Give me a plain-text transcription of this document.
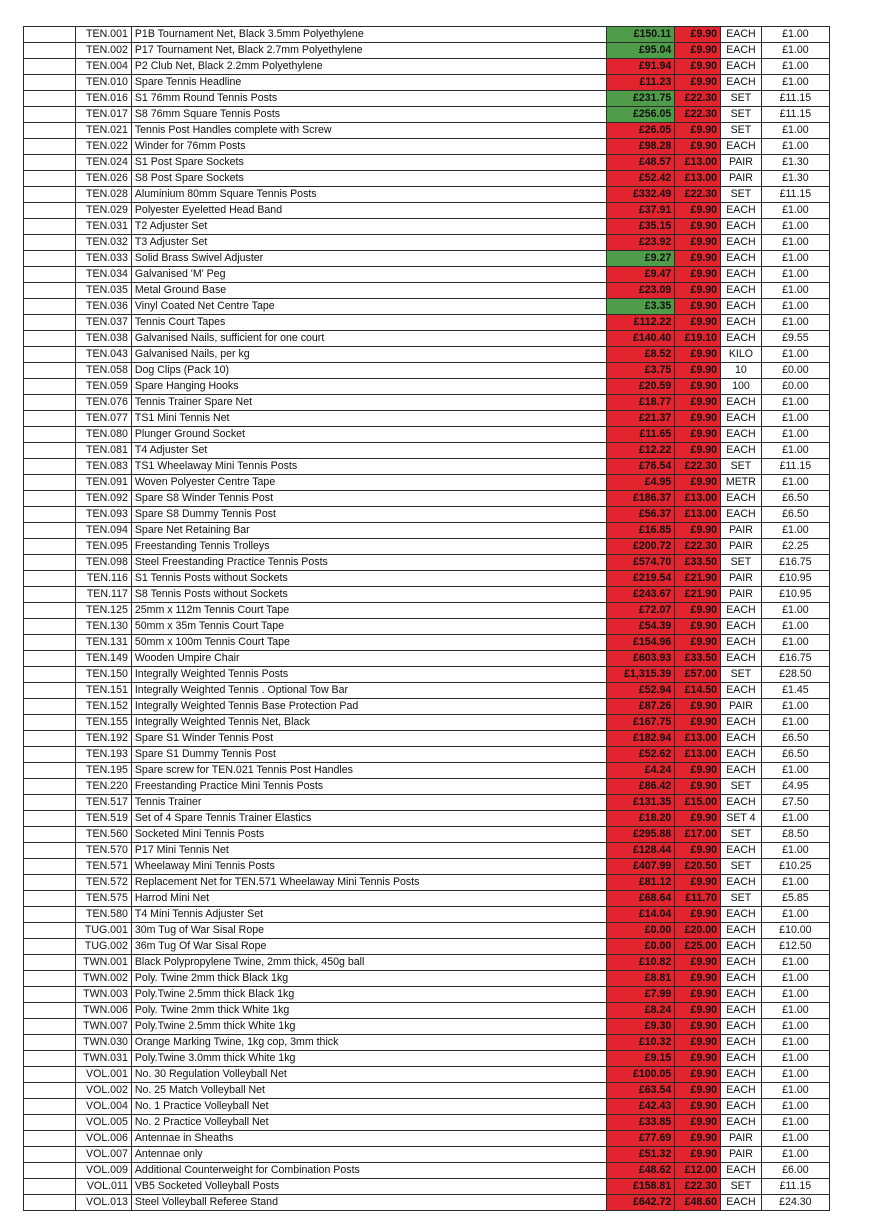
	TEN.001	P1B Tournament Net, Black 3.5mm Polyethylene	£150.11	£9.90	EACH	£1.00
	TEN.002	P17 Tournament Net, Black 2.7mm Polyethylene	£95.04	£9.90	EACH	£1.00
	TEN.004	P2 Club Net, Black 2.2mm Polyethylene	£91.94	£9.90	EACH	£1.00
	TEN.010	Spare Tennis Headline	£11.23	£9.90	EACH	£1.00
	TEN.016	S1 76mm Round Tennis Posts	£231.75	£22.30	SET	£11.15
	TEN.017	S8 76mm Square Tennis Posts	£256.05	£22.30	SET	£11.15
	TEN.021	Tennis Post Handles complete with Screw	£26.05	£9.90	SET	£1.00
	TEN.022	Winder for 76mm Posts	£98.28	£9.90	EACH	£1.00
	TEN.024	S1 Post Spare Sockets	£48.57	£13.00	PAIR	£1.30
	TEN.026	S8 Post Spare Sockets	£52.42	£13.00	PAIR	£1.30
	TEN.028	Aluminium 80mm Square Tennis Posts	£332.49	£22.30	SET	£11.15
	TEN.029	Polyester Eyeletted Head Band	£37.91	£9.90	EACH	£1.00
	TEN.031	T2 Adjuster Set	£35.15	£9.90	EACH	£1.00
	TEN.032	T3 Adjuster Set	£23.92	£9.90	EACH	£1.00
	TEN.033	Solid Brass Swivel Adjuster	£9.27	£9.90	EACH	£1.00
	TEN.034	Galvanised 'M' Peg	£9.47	£9.90	EACH	£1.00
	TEN.035	Metal Ground Base	£23.09	£9.90	EACH	£1.00
	TEN.036	Vinyl Coated Net Centre Tape	£3.35	£9.90	EACH	£1.00
	TEN.037	Tennis Court Tapes	£112.22	£9.90	EACH	£1.00
	TEN.038	Galvanised Nails, sufficient for one court	£140.40	£19.10	EACH	£9.55
	TEN.043	Galvanised Nails, per kg	£8.52	£9.90	KILO	£1.00
	TEN.058	Dog Clips (Pack 10)	£3.75	£9.90	10	£0.00
	TEN.059	Spare Hanging Hooks	£20.59	£9.90	100	£0.00
	TEN.076	Tennis Trainer Spare Net	£18.77	£9.90	EACH	£1.00
	TEN.077	TS1 Mini Tennis Net	£21.37	£9.90	EACH	£1.00
	TEN.080	Plunger Ground Socket	£11.65	£9.90	EACH	£1.00
	TEN.081	T4 Adjuster Set	£12.22	£9.90	EACH	£1.00
	TEN.083	TS1 Wheelaway Mini Tennis Posts	£76.54	£22.30	SET	£11.15
	TEN.091	Woven Polyester Centre Tape	£4.95	£9.90	METR	£1.00
	TEN.092	Spare S8 Winder Tennis Post	£186.37	£13.00	EACH	£6.50
	TEN.093	Spare S8 Dummy Tennis Post	£56.37	£13.00	EACH	£6.50
	TEN.094	Spare Net Retaining Bar	£16.85	£9.90	PAIR	£1.00
	TEN.095	Freestanding Tennis Trolleys	£200.72	£22.30	PAIR	£2.25
	TEN.098	Steel Freestanding Practice Tennis Posts	£574.70	£33.50	SET	£16.75
	TEN.116	S1 Tennis Posts without Sockets	£219.54	£21.90	PAIR	£10.95
	TEN.117	S8 Tennis Posts without Sockets	£243.67	£21.90	PAIR	£10.95
	TEN.125	25mm x 112m Tennis Court Tape	£72.07	£9.90	EACH	£1.00
	TEN.130	50mm x 35m Tennis Court Tape	£54.39	£9.90	EACH	£1.00
	TEN.131	50mm x 100m Tennis Court Tape	£154.96	£9.90	EACH	£1.00
	TEN.149	Wooden Umpire Chair	£603.93	£33.50	EACH	£16.75
	TEN.150	Integrally Weighted Tennis Posts	£1,315.39	£57.00	SET	£28.50
	TEN.151	Integrally Weighted Tennis . Optional Tow Bar	£52.94	£14.50	EACH	£1.45
	TEN.152	Integrally Weighted Tennis Base Protection Pad	£87.26	£9.90	PAIR	£1.00
	TEN.155	Integrally Weighted Tennis Net, Black	£167.75	£9.90	EACH	£1.00
	TEN.192	Spare S1 Winder Tennis Post	£182.94	£13.00	EACH	£6.50
	TEN.193	Spare S1 Dummy Tennis Post	£52.62	£13.00	EACH	£6.50
	TEN.195	Spare screw for TEN.021 Tennis Post Handles	£4.24	£9.90	EACH	£1.00
	TEN.220	Freestanding Practice Mini Tennis Posts	£86.42	£9.90	SET	£4.95
	TEN.517	Tennis Trainer	£131.35	£15.00	EACH	£7.50
	TEN.519	Set of 4 Spare Tennis Trainer Elastics	£18.20	£9.90	SET 4	£1.00
	TEN.560	Socketed Mini Tennis Posts	£295.88	£17.00	SET	£8.50
	TEN.570	P17 Mini Tennis Net	£128.44	£9.90	EACH	£1.00
	TEN.571	Wheelaway Mini Tennis Posts	£407.99	£20.50	SET	£10.25
	TEN.572	Replacement Net for TEN.571 Wheelaway Mini Tennis Posts	£81.12	£9.90	EACH	£1.00
	TEN.575	Harrod Mini Net	£68.64	£11.70	SET	£5.85
	TEN.580	T4 Mini Tennis Adjuster Set	£14.04	£9.90	EACH	£1.00
	TUG.001	30m Tug of War Sisal Rope	£0.00	£20.00	EACH	£10.00
	TUG.002	36m Tug Of War Sisal Rope	£0.00	£25.00	EACH	£12.50
	TWN.001	Black Polypropylene Twine, 2mm thick, 450g ball	£10.82	£9.90	EACH	£1.00
	TWN.002	Poly. Twine 2mm thick Black 1kg	£8.81	£9.90	EACH	£1.00
	TWN.003	Poly.Twine 2.5mm thick Black 1kg	£7.99	£9.90	EACH	£1.00
	TWN.006	Poly. Twine 2mm thick White 1kg	£8.24	£9.90	EACH	£1.00
	TWN.007	Poly.Twine 2.5mm thick White 1kg	£9.30	£9.90	EACH	£1.00
	TWN.030	Orange Marking Twine, 1kg cop, 3mm thick	£10.32	£9.90	EACH	£1.00
	TWN.031	Poly.Twine 3.0mm thick White 1kg	£9.15	£9.90	EACH	£1.00
	VOL.001	No. 30 Regulation Volleyball Net	£100.05	£9.90	EACH	£1.00
	VOL.002	No. 25 Match Volleyball Net	£63.54	£9.90	EACH	£1.00
	VOL.004	No. 1 Practice Volleyball Net	£42.43	£9.90	EACH	£1.00
	VOL.005	No. 2 Practice Volleyball Net	£33.85	£9.90	EACH	£1.00
	VOL.006	Antennae in Sheaths	£77.69	£9.90	PAIR	£1.00
	VOL.007	Antennae only	£51.32	£9.90	PAIR	£1.00
	VOL.009	Additional Counterweight for Combination Posts	£48.62	£12.00	EACH	£6.00
	VOL.011	VB5 Socketed Volleyball Posts	£158.81	£22.30	SET	£11.15
	VOL.013	Steel Volleyball Referee Stand	£642.72	£48.60	EACH	£24.30
